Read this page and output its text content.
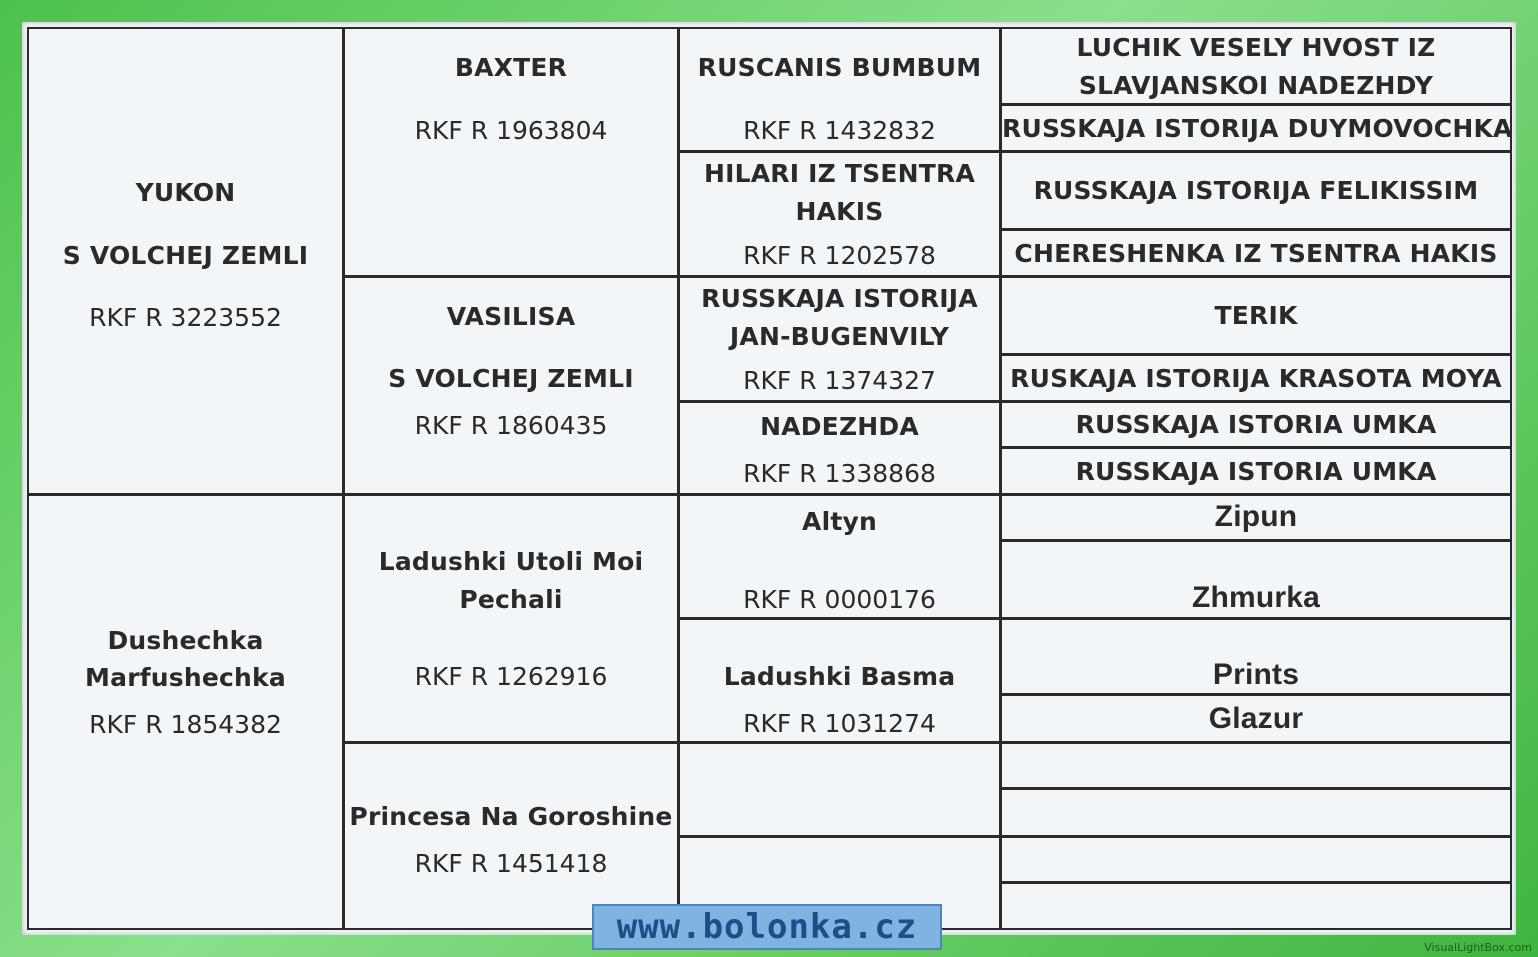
YUKON
S VOLCHEJ ZEMLI
RKF R 3223552
Dushechka
Marfushechka
RKF R 1854382
BAXTER
RKF R 1963804
VASILISA
S VOLCHEJ ZEMLI
RKF R 1860435
Ladushki Utoli Moi
Pechali
RKF R 1262916
Princesa Na Goroshine
RKF R 1451418
RUSCANIS BUMBUM
RKF R 1432832
HILARI IZ TSENTRA
HAKIS
RKF R 1202578
RUSSKAJA ISTORIJA
JAN-BUGENVILY
RKF R 1374327
NADEZHDA
RKF R 1338868
Altyn
RKF R 0000176
Ladushki Basma
RKF R 1031274
LUCHIK VESELY HVOST IZ
SLAVJANSKOI NADEZHDY
RUSSKAJA ISTORIJA DUYMOVOCHKA
RUSSKAJA ISTORIJA FELIKISSIM
CHERESHENKA IZ TSENTRA HAKIS
TERIK
RUSKAJA ISTORIJA KRASOTA MOYA
RUSSKAJA ISTORIA UMKA
RUSSKAJA ISTORIA UMKA
Zipun
Zhmurka
Prints
Glazur
www.bolonka.cz
VisualLightBox.com
